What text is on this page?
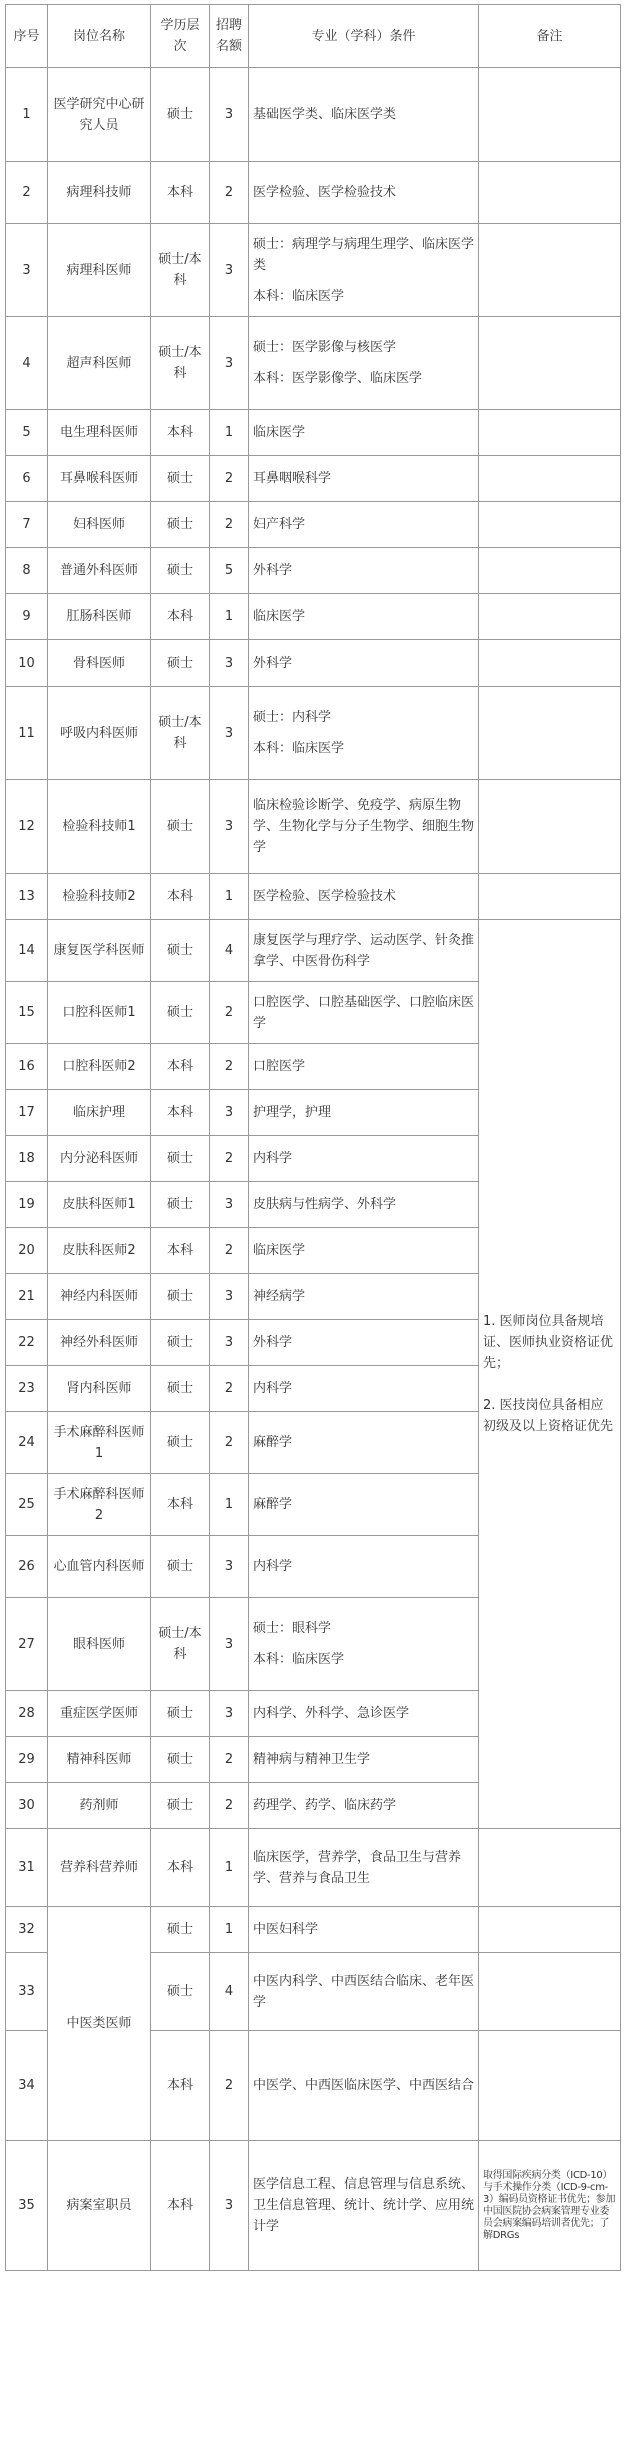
序号	岗位名称	学历层次	招聘名额	专业（学科）条件	备注
1	医学研究中心研究人员	硕士	3	基础医学类、临床医学类	
2	病理科技师	本科	2	医学检验、医学检验技术	
3	病理科医师	硕士/本科	3	硕士：病理学与病理生理学、临床医学类
本科：临床医学	

4	超声科医师	硕士/本科	3	硕士：医学影像与核医学
本科：医学影像学、临床医学	

5	电生理科医师	本科	1	临床医学	
6	耳鼻喉科医师	硕士	2	耳鼻咽喉科学	
7	妇科医师	硕士	2	妇产科学	
8	普通外科医师	硕士	5	外科学	
9	肛肠科医师	本科	1	临床医学	
10	骨科医师	硕士	3	外科学	
11	呼吸内科医师	硕士/本科	3	硕士：内科学
本科：临床医学	

12	检验科技师1	硕士	3	临床检验诊断学、免疫学、病原生物学、生物化学与分子生物学、细胞生物学	
13	检验科技师2	本科	1	医学检验、医学检验技术	
14	康复医学科医师	硕士	4	康复医学与理疗学、运动医学、针灸推拿学、中医骨伤科学	1. 医师岗位具备规培证、医师执业资格证优先；
2. 医技岗位具备相应初级及以上资格证优先

15	口腔科医师1	硕士	2	口腔医学、口腔基础医学、口腔临床医学	
16	口腔科医师2	本科	2	口腔医学	
17	临床护理	本科	3	护理学，护理	
18	内分泌科医师	硕士	2	内科学	
19	皮肤科医师1	硕士	3	皮肤病与性病学、外科学	
20	皮肤科医师2	本科	2	临床医学	
21	神经内科医师	硕士	3	神经病学	
22	神经外科医师	硕士	3	外科学	
23	肾内科医师	硕士	2	内科学	
24	手术麻醉科医师1	硕士	2	麻醉学	
25	手术麻醉科医师2	本科	1	麻醉学	
26	心血管内科医师	硕士	3	内科学	
27	眼科医师	硕士/本科	3	硕士：眼科学
本科：临床医学	

28	重症医学医师	硕士	3	内科学、外科学、急诊医学	
29	精神科医师	硕士	2	精神病与精神卫生学	
30	药剂师	硕士	2	药理学、药学、临床药学	
31	营养科营养师	本科	1	临床医学，营养学，食品卫生与营养学、营养与食品卫生	
32	中医类医师	硕士	1	中医妇科学	
33		硕士	4	中医内科学、中西医结合临床、老年医学	
34		本科	2	中医学、中西医临床医学、中西医结合	
35	病案室职员	本科	3	医学信息工程、信息管理与信息系统、卫生信息管理、统计、统计学、应用统计学	取得国际疾病分类（ICD-10）与手术操作分类（ICD-9-cm-3）编码员资格证书优先；参加中国医院协会病案管理专业委员会病案编码培训者优先；了解DRGs
